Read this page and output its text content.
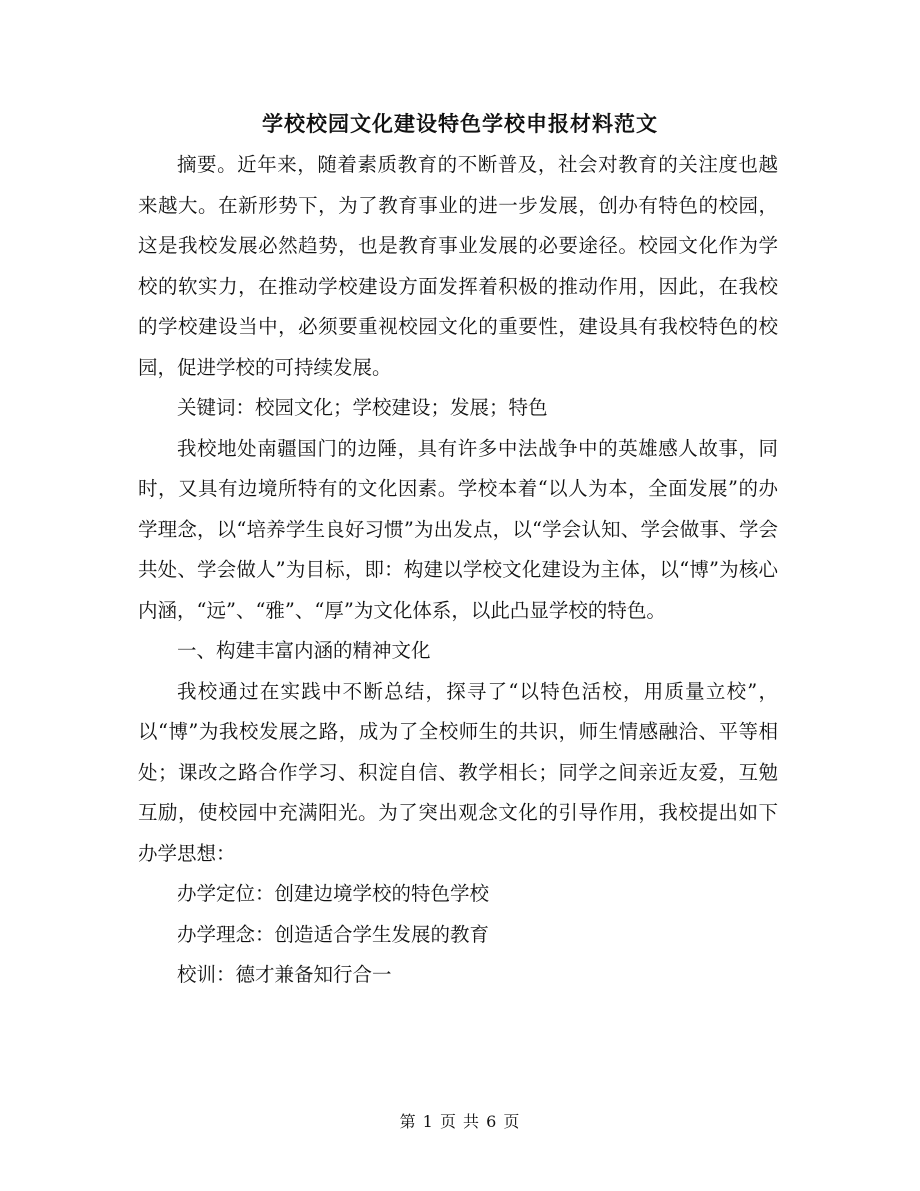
学校校园文化建设特色学校申报材料范文

摘要。近年来，随着素质教育的不断普及，社会对教育的关注度也越来越大。在新形势下，为了教育事业的进一步发展，创办有特色的校园，这是我校发展必然趋势，也是教育事业发展的必要途径。校园文化作为学校的软实力，在推动学校建设方面发挥着积极的推动作用，因此，在我校的学校建设当中，必须要重视校园文化的重要性，建设具有我校特色的校园，促进学校的可持续发展。

关键词：校园文化；学校建设；发展；特色

我校地处南疆国门的边陲，具有许多中法战争中的英雄感人故事，同时，又具有边境所特有的文化因素。学校本着“以人为本，全面发展”的办学理念，以“培养学生良好习惯”为出发点，以“学会认知、学会做事、学会共处、学会做人”为目标，即：构建以学校文化建设为主体，以“博”为核心内涵，“远”、“雅”、“厚”为文化体系，以此凸显学校的特色。

一、构建丰富内涵的精神文化

我校通过在实践中不断总结，探寻了“以特色活校，用质量立校”，以“博”为我校发展之路，成为了全校师生的共识，师生情感融洽、平等相处；课改之路合作学习、积淀自信、教学相长；同学之间亲近友爱，互勉互励，使校园中充满阳光。为了突出观念文化的引导作用，我校提出如下办学思想：

办学定位：创建边境学校的特色学校

办学理念：创造适合学生发展的教育

校训：德才兼备知行合一

第 1 页 共 6 页
